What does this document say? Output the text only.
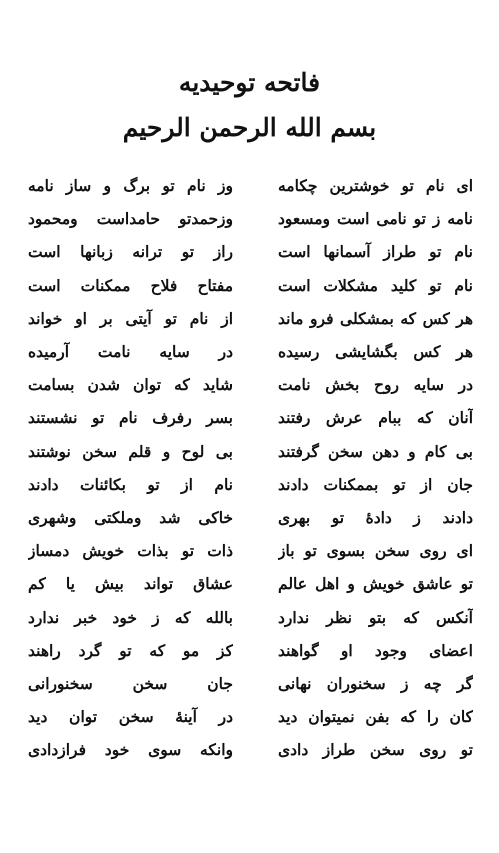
فاتحه توحیدیه
بسم الله الرحمن الرحیم
ای نام تو خوشترین چکامه
وز نام تو برگ و ساز نامه
نامه ز تو نامی است ومسعود
وزحمدتو حامداست ومحمود
نام تو طراز آسمانها است
راز تو ترانه زبانها است
نام تو کلید مشکلات است
مفتاح فلاح ممکنات است
هر کس که بمشکلی فرو ماند
از نام تو آیتی بر او خواند
هر کس بگشایشی رسیده
در سایه نامت آرمیده
در سایه روح بخش نامت
شاید که توان شدن بسامت
آنان که ببام عرش رفتند
بسر رفرف نام تو نشستند
بی کام و دهن سخن گرفتند
بی لوح و قلم سخن نوشتند
جان از تو بممکنات دادند
نام از تو بکائنات دادند
دادند ز دادهٔ تو بهری
خاکی شد وملکتی وشهری
ای روی سخن بسوی تو باز
ذات تو بذات خویش دمساز
تو عاشق خویش و اهل عالم
عشاق تواند بیش یا کم
آنکس که بتو نظر ندارد
بالله که ز خود خبر ندارد
اعضای وجود او گواهند
کز مو که تو گرد راهند
گر چه ز سخنوران نهانی
جان سخن سخنورانی
کان را که بفن نمیتوان دید
در آینهٔ سخن توان دید
تو روی سخن طراز دادی
وانکه سوی خود فرازدادی
